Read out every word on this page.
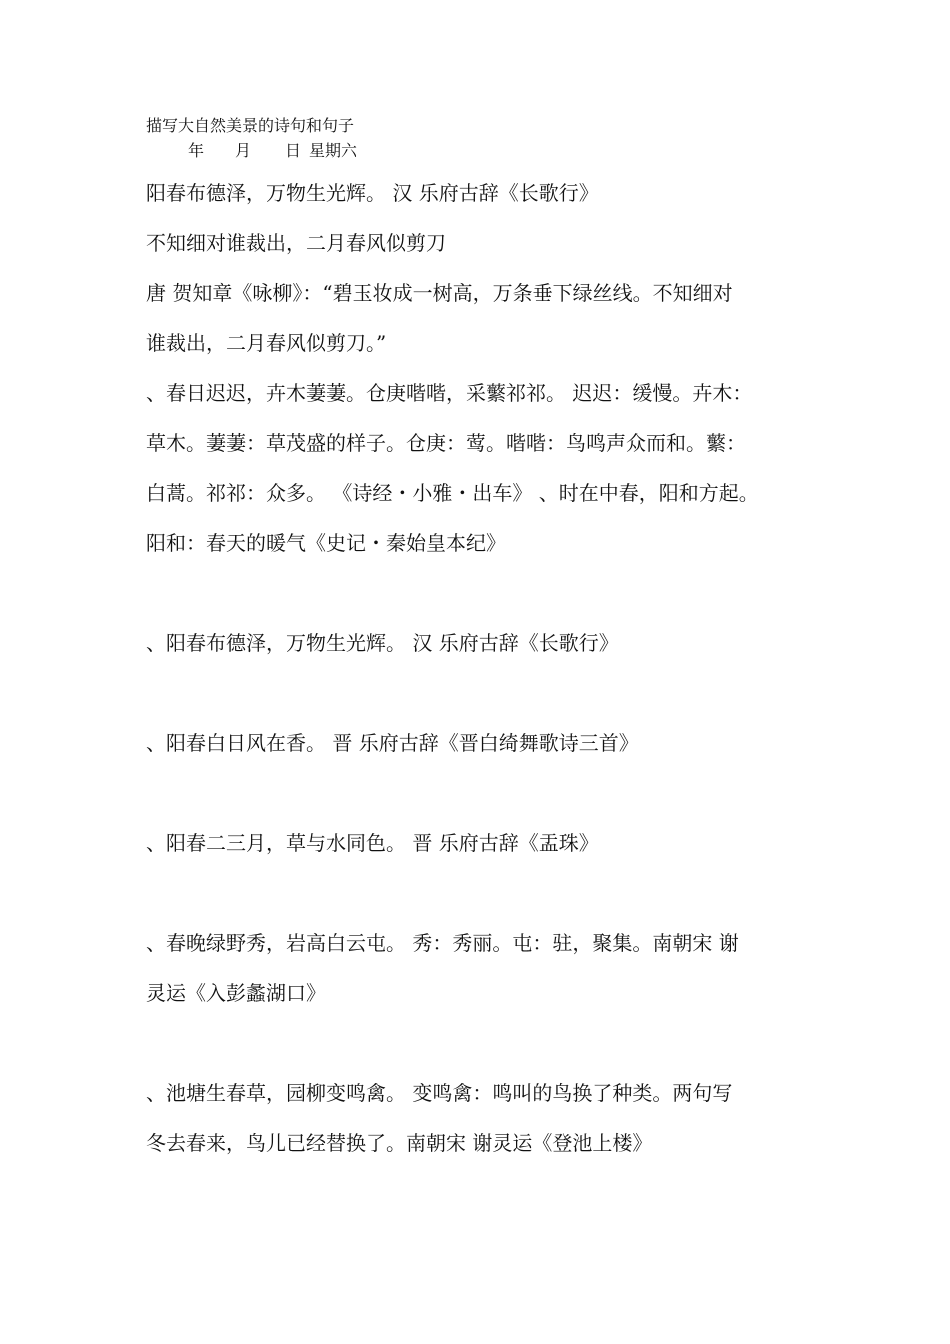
描写大自然美景的诗句和句子
年 月 日 星期六
阳春布德泽，万物生光辉。 汉 乐府古辞《长歌行》
不知细对谁裁出，二月春风似剪刀
唐 贺知章《咏柳》：“碧玉妆成一树高，万条垂下绿丝线。不知细对
谁裁出，二月春风似剪刀。”
、春日迟迟，卉木萋萋。仓庚喈喈，采蘩祁祁。 迟迟：缓慢。卉木：
草木。萋萋：草茂盛的样子。仓庚：莺。喈喈：鸟鸣声众而和。蘩：
白蒿。祁祁：众多。 《诗经・小雅・出车》 、时在中春，阳和方起。
阳和：春天的暖气《史记・秦始皇本纪》
、阳春布德泽，万物生光辉。 汉 乐府古辞《长歌行》
、阳春白日风在香。 晋 乐府古辞《晋白绮舞歌诗三首》
、阳春二三月，草与水同色。 晋 乐府古辞《盂珠》
、春晚绿野秀，岩高白云屯。 秀：秀丽。屯：驻，聚集。南朝宋 谢
灵运《入彭蠡湖口》
、池塘生春草，园柳变鸣禽。 变鸣禽：鸣叫的鸟换了种类。两句写
冬去春来，鸟儿已经替换了。南朝宋 谢灵运《登池上楼》
